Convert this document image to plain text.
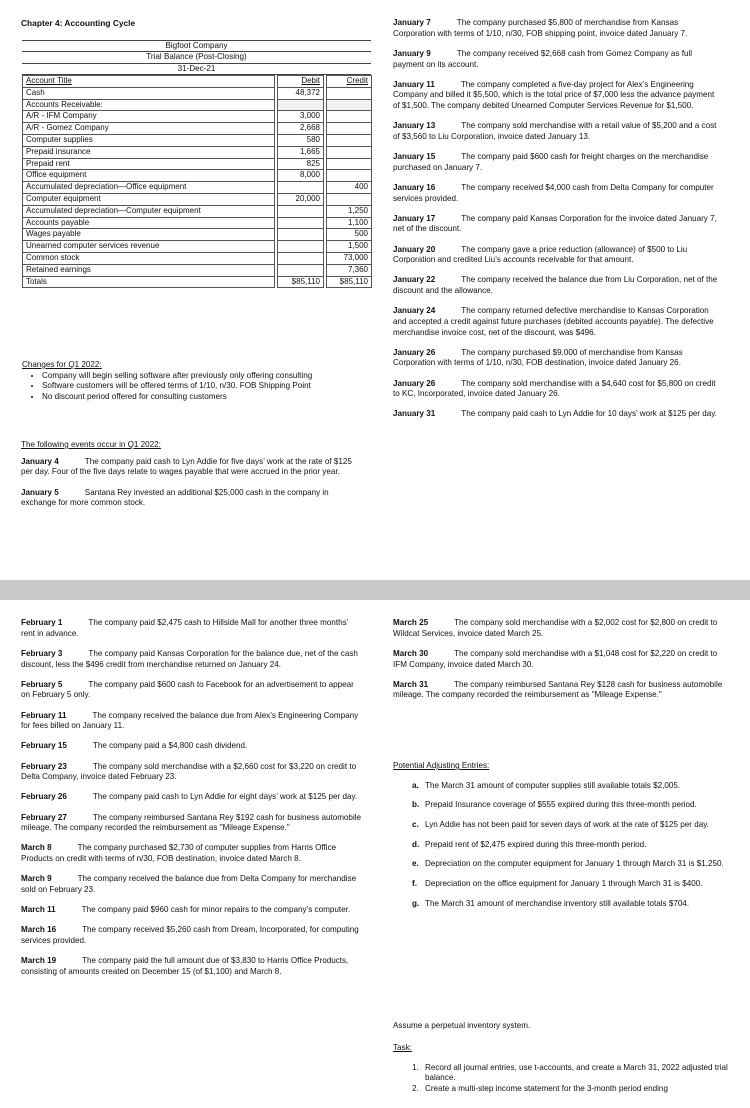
Chapter 4: Accounting Cycle
Bigfoot Company
Trial Balance (Post-Closing)
31-Dec-21
Account Title		Debit		Credit
Cash		48,372		
Accounts Receivable:				
A/R - IFM Company		3,000		
A/R - Gomez Company		2,668		
Computer supplies		580		
Prepaid insurance		1,665		
Prepaid rent		825		
Office equipment		8,000		
Accumulated depreciation—Office equipment				400
Computer equipment		20,000		
Accumulated depreciation—Computer equipment				1,250
Accounts payable				1,100
Wages payable				500
Unearned computer services revenue				1,500
Common stock				73,000
Retained earnings				7,360
Totals		$85,110		$85,110
Changes for Q1 2022:
• Company will begin selling software after previously only offering consulting
• Software customers will be offered terms of 1/10, n/30. FOB Shipping Point
• No discount period offered for consulting customers
The following events occur in Q1 2022:
January 4	The company paid cash to Lyn Addie for five days’ work at the rate of $125 per day. Four of the five days relate to wages payable that were accrued in the prior year.
January 5	Santana Rey invested an additional $25,000 cash in the company in exchange for more common stock.
January 7	The company purchased $5,800 of merchandise from Kansas Corporation with terms of 1/10, n/30, FOB shipping point, invoice dated January 7.
January 9	The company received $2,668 cash from Gomez Company as full payment on its account.
January 11	The company completed a five-day project for Alex’s Engineering Company and billed it $5,500, which is the total price of $7,000 less the advance payment of $1,500. The company debited Unearned Computer Services Revenue for $1,500.
January 13	The company sold merchandise with a retail value of $5,200 and a cost of $3,560 to Liu Corporation, invoice dated January 13.
January 15	The company paid $600 cash for freight charges on the merchandise purchased on January 7.
January 16	The company received $4,000 cash from Delta Company for computer services provided.
January 17	The company paid Kansas Corporation for the invoice dated January 7, net of the discount.
January 20	The company gave a price reduction (allowance) of $500 to Liu Corporation and credited Liu’s accounts receivable for that amount.
January 22	The company received the balance due from Liu Corporation, net of the discount and the allowance.
January 24	The company returned defective merchandise to Kansas Corporation and accepted a credit against future purchases (debited accounts payable). The defective merchandise invoice cost, net of the discount, was $496.
January 26	The company purchased $9,000 of merchandise from Kansas Corporation with terms of 1/10, n/30, FOB destination, invoice dated January 26.
January 26	The company sold merchandise with a $4,640 cost for $5,800 on credit to KC, Incorporated, invoice dated January 26.
January 31	The company paid cash to Lyn Addie for 10 days’ work at $125 per day.
February 1	The company paid $2,475 cash to Hillside Mall for another three months’ rent in advance.
February 3	The company paid Kansas Corporation for the balance due, net of the cash discount, less the $496 credit from merchandise returned on January 24.
February 5	The company paid $600 cash to Facebook for an advertisement to appear on February 5 only.
February 11	The company received the balance due from Alex’s Engineering Company for fees billed on January 11.
February 15	The company paid a $4,800 cash dividend.
February 23	The company sold merchandise with a $2,660 cost for $3,220 on credit to Delta Company, invoice dated February 23.
February 26	The company paid cash to Lyn Addie for eight days’ work at $125 per day.
February 27	The company reimbursed Santana Rey $192 cash for business automobile mileage. The company recorded the reimbursement as "Mileage Expense."
March 8	The company purchased $2,730 of computer supplies from Harris Office Products on credit with terms of n/30, FOB destination, invoice dated March 8.
March 9	The company received the balance due from Delta Company for merchandise sold on February 23.
March 11	The company paid $960 cash for minor repairs to the company’s computer.
March 16	The company received $5,260 cash from Dream, Incorporated, for computing services provided.
March 19	The company paid the full amount due of $3,830 to Harris Office Products, consisting of amounts created on December 15 (of $1,100) and March 8.
March 25	The company sold merchandise with a $2,002 cost for $2,800 on credit to Wildcat Services, invoice dated March 25.
March 30	The company sold merchandise with a $1,048 cost for $2,220 on credit to IFM Company, invoice dated March 30.
March 31	The company reimbursed Santana Rey $128 cash for business automobile mileage. The company recorded the reimbursement as "Mileage Expense."
Potential Adjusting Entries:
a. The March 31 amount of computer supplies still available totals $2,005.
b. Prepaid Insurance coverage of $555 expired during this three-month period.
c. Lyn Addie has not been paid for seven days of work at the rate of $125 per day.
d. Prepaid rent of $2,475 expired during this three-month period.
e. Depreciation on the computer equipment for January 1 through March 31 is $1,250.
f. Depreciation on the office equipment for January 1 through March 31 is $400.
g. The March 31 amount of merchandise inventory still available totals $704.
Assume a perpetual inventory system.
Task:
1. Record all journal entries, use t-accounts, and create a March 31, 2022 adjusted trial balance.
2. Create a multi-step income statement for the 3-month period ending
